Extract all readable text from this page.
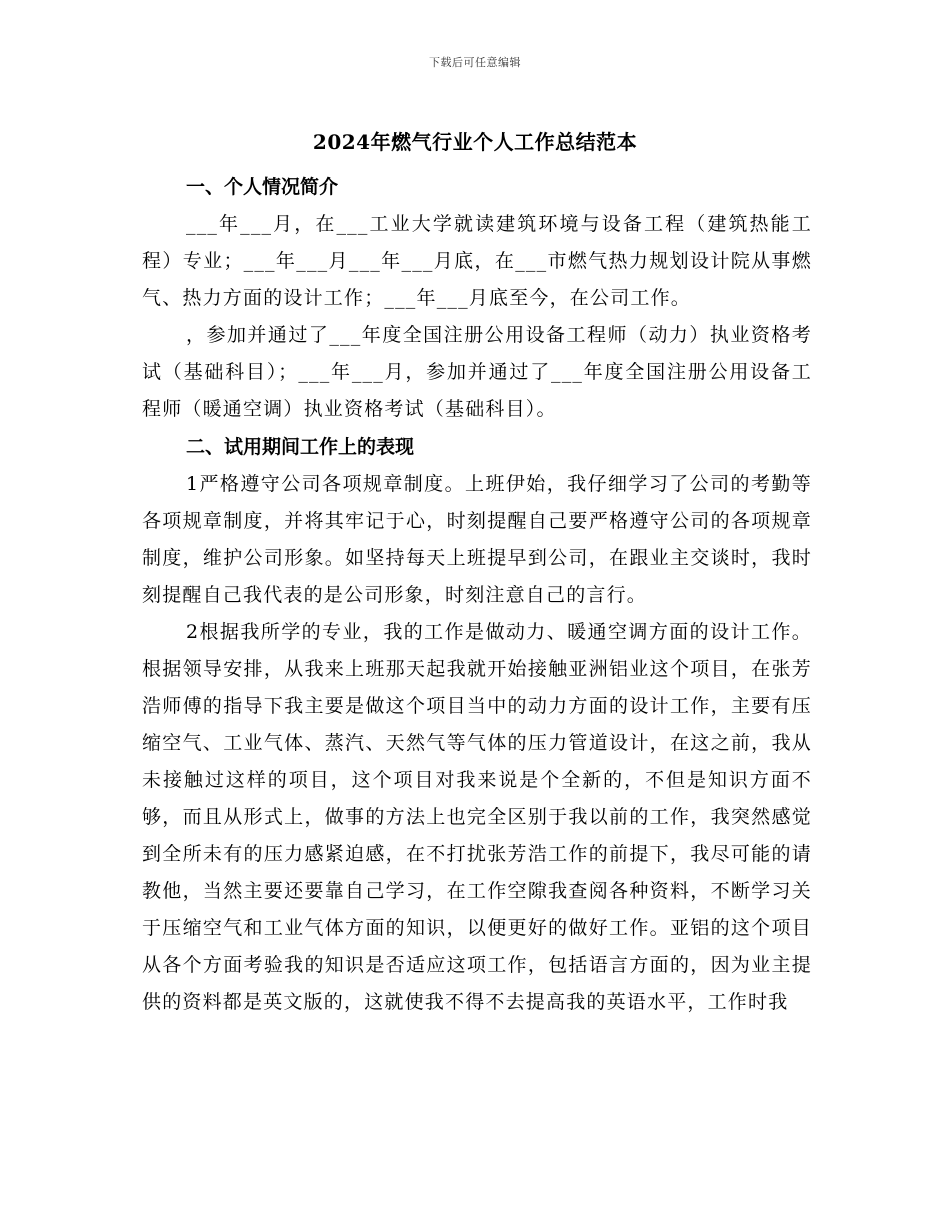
下载后可任意编辑
2024年燃气行业个人工作总结范本
一、个人情况简介

___年___月，在___工业大学就读建筑环境与设备工程（建筑热能工程）专业；___年___月___年___月底，在___市燃气热力规划设计院从事燃气、热力方面的设计工作；___年___月底至今，在公司工作。

，参加并通过了___年度全国注册公用设备工程师（动力）执业资格考试（基础科目）；___年___月，参加并通过了___年度全国注册公用设备工程师（暖通空调）执业资格考试（基础科目）。

二、试用期间工作上的表现

1严格遵守公司各项规章制度。上班伊始，我仔细学习了公司的考勤等各项规章制度，并将其牢记于心，时刻提醒自己要严格遵守公司的各项规章制度，维护公司形象。如坚持每天上班提早到公司，在跟业主交谈时，我时刻提醒自己我代表的是公司形象，时刻注意自己的言行。

2根据我所学的专业，我的工作是做动力、暖通空调方面的设计工作。根据领导安排，从我来上班那天起我就开始接触亚洲铝业这个项目，在张芳浩师傅的指导下我主要是做这个项目当中的动力方面的设计工作，主要有压缩空气、工业气体、蒸汽、天然气等气体的压力管道设计，在这之前，我从未接触过这样的项目，这个项目对我来说是个全新的，不但是知识方面不够，而且从形式上，做事的方法上也完全区别于我以前的工作，我突然感觉到全所未有的压力感紧迫感，在不打扰张芳浩工作的前提下，我尽可能的请教他，当然主要还要靠自己学习，在工作空隙我查阅各种资料，不断学习关于压缩空气和工业气体方面的知识，以便更好的做好工作。亚铝的这个项目从各个方面考验我的知识是否适应这项工作，包括语言方面的，因为业主提供的资料都是英文版的，这就使我不得不去提高我的英语水平，工作时我
